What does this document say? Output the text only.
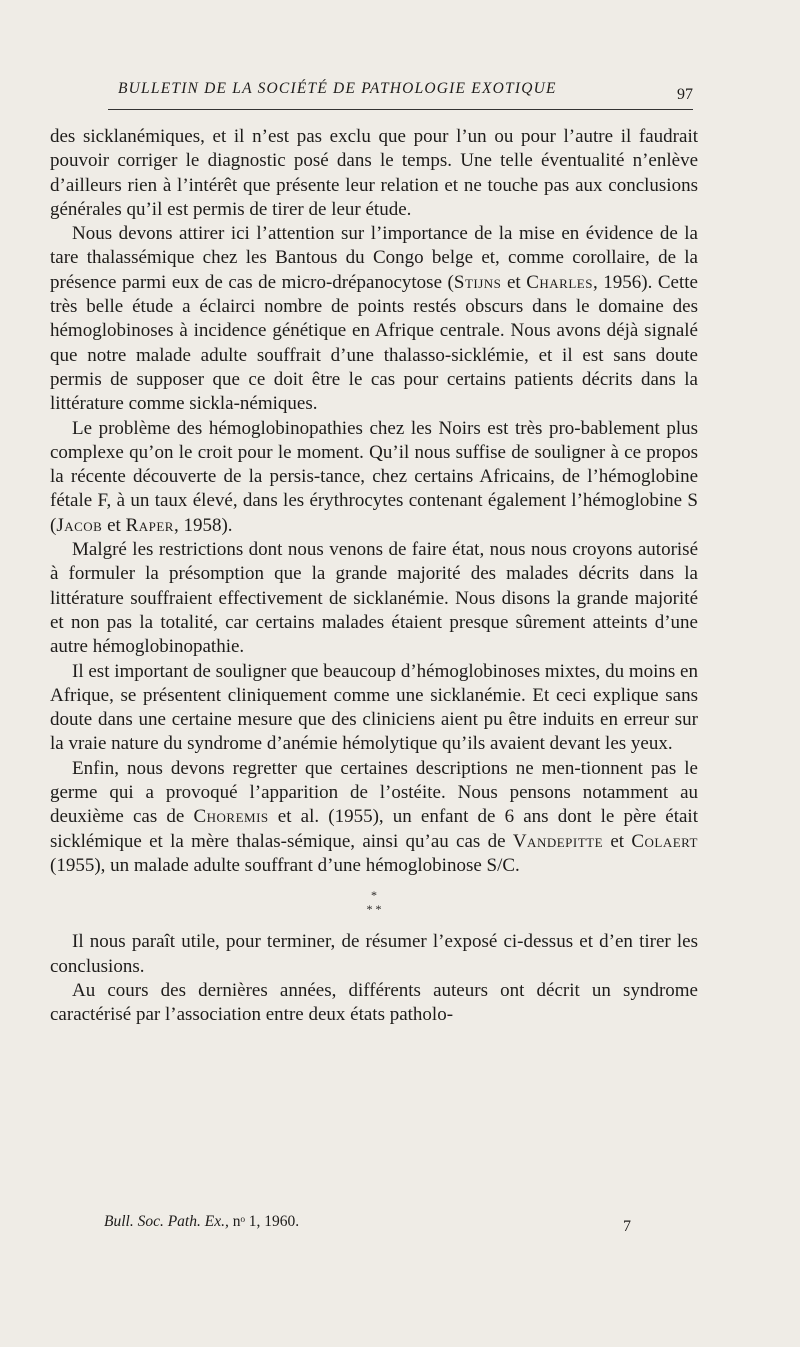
BULLETIN DE LA SOCIÉTÉ DE PATHOLOGIE EXOTIQUE	97

des sicklanémiques, et il n’est pas exclu que pour l’un ou pour l’autre il faudrait pouvoir corriger le diagnostic posé dans le temps. Une telle éventualité n’enlève d’ailleurs rien à l’intérêt que présente leur relation et ne touche pas aux conclusions générales qu’il est permis de tirer de leur étude.

Nous devons attirer ici l’attention sur l’importance de la mise en évidence de la tare thalassémique chez les Bantous du Congo belge et, comme corollaire, de la présence parmi eux de cas de micro-drépanocytose (Stijns et Charles, 1956). Cette très belle étude a éclairci nombre de points restés obscurs dans le domaine des hémoglobinoses à incidence génétique en Afrique centrale. Nous avons déjà signalé que notre malade adulte souffrait d’une thalasso-sicklémie, et il est sans doute permis de supposer que ce doit être le cas pour certains patients décrits dans la littérature comme sickla-némiques.

Le problème des hémoglobinopathies chez les Noirs est très pro-bablement plus complexe qu’on le croit pour le moment. Qu’il nous suffise de souligner à ce propos la récente découverte de la persis-tance, chez certains Africains, de l’hémoglobine fétale F, à un taux élevé, dans les érythrocytes contenant également l’hémoglobine S (Jacob et Raper, 1958).

Malgré les restrictions dont nous venons de faire état, nous nous croyons autorisé à formuler la présomption que la grande majorité des malades décrits dans la littérature souffraient effectivement de sicklanémie. Nous disons la grande majorité et non pas la totalité, car certains malades étaient presque sûrement atteints d’une autre hémoglobinopathie.

Il est important de souligner que beaucoup d’hémoglobinoses mixtes, du moins en Afrique, se présentent cliniquement comme une sicklanémie. Et ceci explique sans doute dans une certaine mesure que des cliniciens aient pu être induits en erreur sur la vraie nature du syndrome d’anémie hémolytique qu’ils avaient devant les yeux.

Enfin, nous devons regretter que certaines descriptions ne men-tionnent pas le germe qui a provoqué l’apparition de l’ostéite. Nous pensons notamment au deuxième cas de Choremis et al. (1955), un enfant de 6 ans dont le père était sicklémique et la mère thalas-sémique, ainsi qu’au cas de Vandepitte et Colaert (1955), un malade adulte souffrant d’une hémoglobinose S/C.

*
* *

Il nous paraît utile, pour terminer, de résumer l’exposé ci-dessus et d’en tirer les conclusions.

Au cours des dernières années, différents auteurs ont décrit un syndrome caractérisé par l’association entre deux états patholo-

Bull. Soc. Path. Ex., nᵒ 1, 1960.	7
